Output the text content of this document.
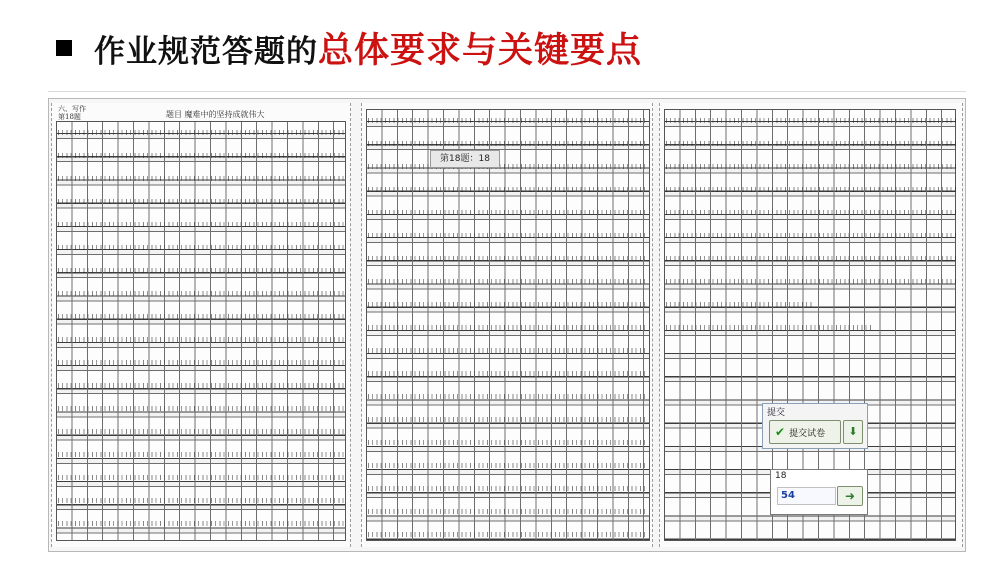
作业规范答题的 总体要求与关键要点
六、写作
第18题	题目 魔难中的坚持成就伟大
第18题：18
提交
✔ 提交试卷	⬇
18
54	➜
